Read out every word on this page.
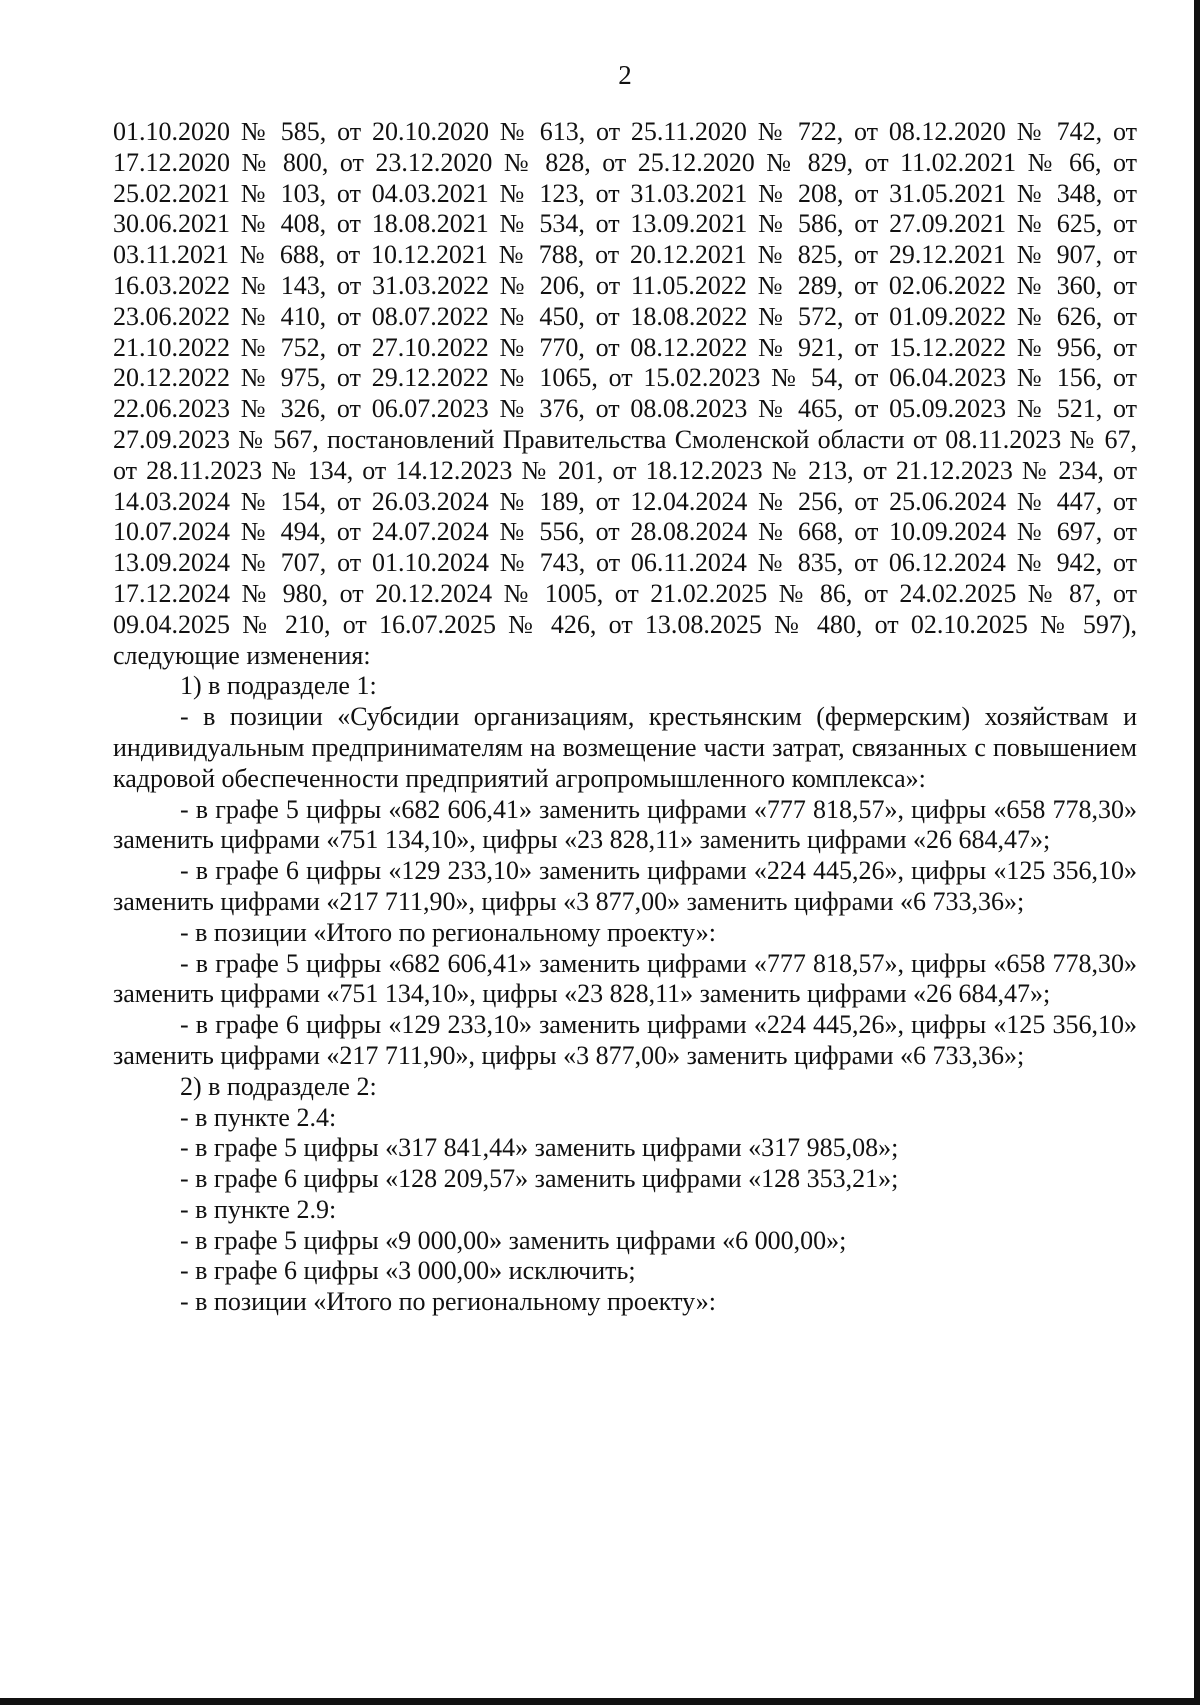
2

01.10.2020 № 585, от 20.10.2020 № 613, от 25.11.2020 № 722, от 08.12.2020 № 742, от 17.12.2020 № 800, от 23.12.2020 № 828, от 25.12.2020 № 829, от 11.02.2021 № 66, от 25.02.2021 № 103, от 04.03.2021 № 123, от 31.03.2021 № 208, от 31.05.2021 № 348, от 30.06.2021 № 408, от 18.08.2021 № 534, от 13.09.2021 № 586, от 27.09.2021 № 625, от 03.11.2021 № 688, от 10.12.2021 № 788, от 20.12.2021 № 825, от 29.12.2021 № 907, от 16.03.2022 № 143, от 31.03.2022 № 206, от 11.05.2022 № 289, от 02.06.2022 № 360, от 23.06.2022 № 410, от 08.07.2022 № 450, от 18.08.2022 № 572, от 01.09.2022 № 626, от 21.10.2022 № 752, от 27.10.2022 № 770, от 08.12.2022 № 921, от 15.12.2022 № 956, от 20.12.2022 № 975, от 29.12.2022 № 1065, от 15.02.2023 № 54, от 06.04.2023 № 156, от 22.06.2023 № 326, от 06.07.2023 № 376, от 08.08.2023 № 465, от 05.09.2023 № 521, от 27.09.2023 № 567, постановлений Правительства Смоленской области от 08.11.2023 № 67, от 28.11.2023 № 134, от 14.12.2023 № 201, от 18.12.2023 № 213, от 21.12.2023 № 234, от 14.03.2024 № 154, от 26.03.2024 № 189, от 12.04.2024 № 256, от 25.06.2024 № 447, от 10.07.2024 № 494, от 24.07.2024 № 556, от 28.08.2024 № 668, от 10.09.2024 № 697, от 13.09.2024 № 707, от 01.10.2024 № 743, от 06.11.2024 № 835, от 06.12.2024 № 942, от 17.12.2024 № 980, от 20.12.2024 № 1005, от 21.02.2025 № 86, от 24.02.2025 № 87, от 09.04.2025 № 210, от 16.07.2025 № 426, от 13.08.2025 № 480, от 02.10.2025 № 597), следующие изменения:

1) в подразделе 1:

- в позиции «Субсидии организациям, крестьянским (фермерским) хозяйствам и индивидуальным предпринимателям на возмещение части затрат, связанных с повышением кадровой обеспеченности предприятий агропромышленного комплекса»:

- в графе 5 цифры «682 606,41» заменить цифрами «777 818,57», цифры «658 778,30» заменить цифрами «751 134,10», цифры «23 828,11» заменить цифрами «26 684,47»;

- в графе 6 цифры «129 233,10» заменить цифрами «224 445,26», цифры «125 356,10» заменить цифрами «217 711,90», цифры «3 877,00» заменить цифрами «6 733,36»;

- в позиции «Итого по региональному проекту»:

- в графе 5 цифры «682 606,41» заменить цифрами «777 818,57», цифры «658 778,30» заменить цифрами «751 134,10», цифры «23 828,11» заменить цифрами «26 684,47»;

- в графе 6 цифры «129 233,10» заменить цифрами «224 445,26», цифры «125 356,10» заменить цифрами «217 711,90», цифры «3 877,00» заменить цифрами «6 733,36»;

2) в подразделе 2:

- в пункте 2.4:

- в графе 5 цифры «317 841,44» заменить цифрами «317 985,08»;

- в графе 6 цифры «128 209,57» заменить цифрами «128 353,21»;

- в пункте 2.9:

- в графе 5 цифры «9 000,00» заменить цифрами «6 000,00»;

- в графе 6 цифры «3 000,00» исключить;

- в позиции «Итого по региональному проекту»:
